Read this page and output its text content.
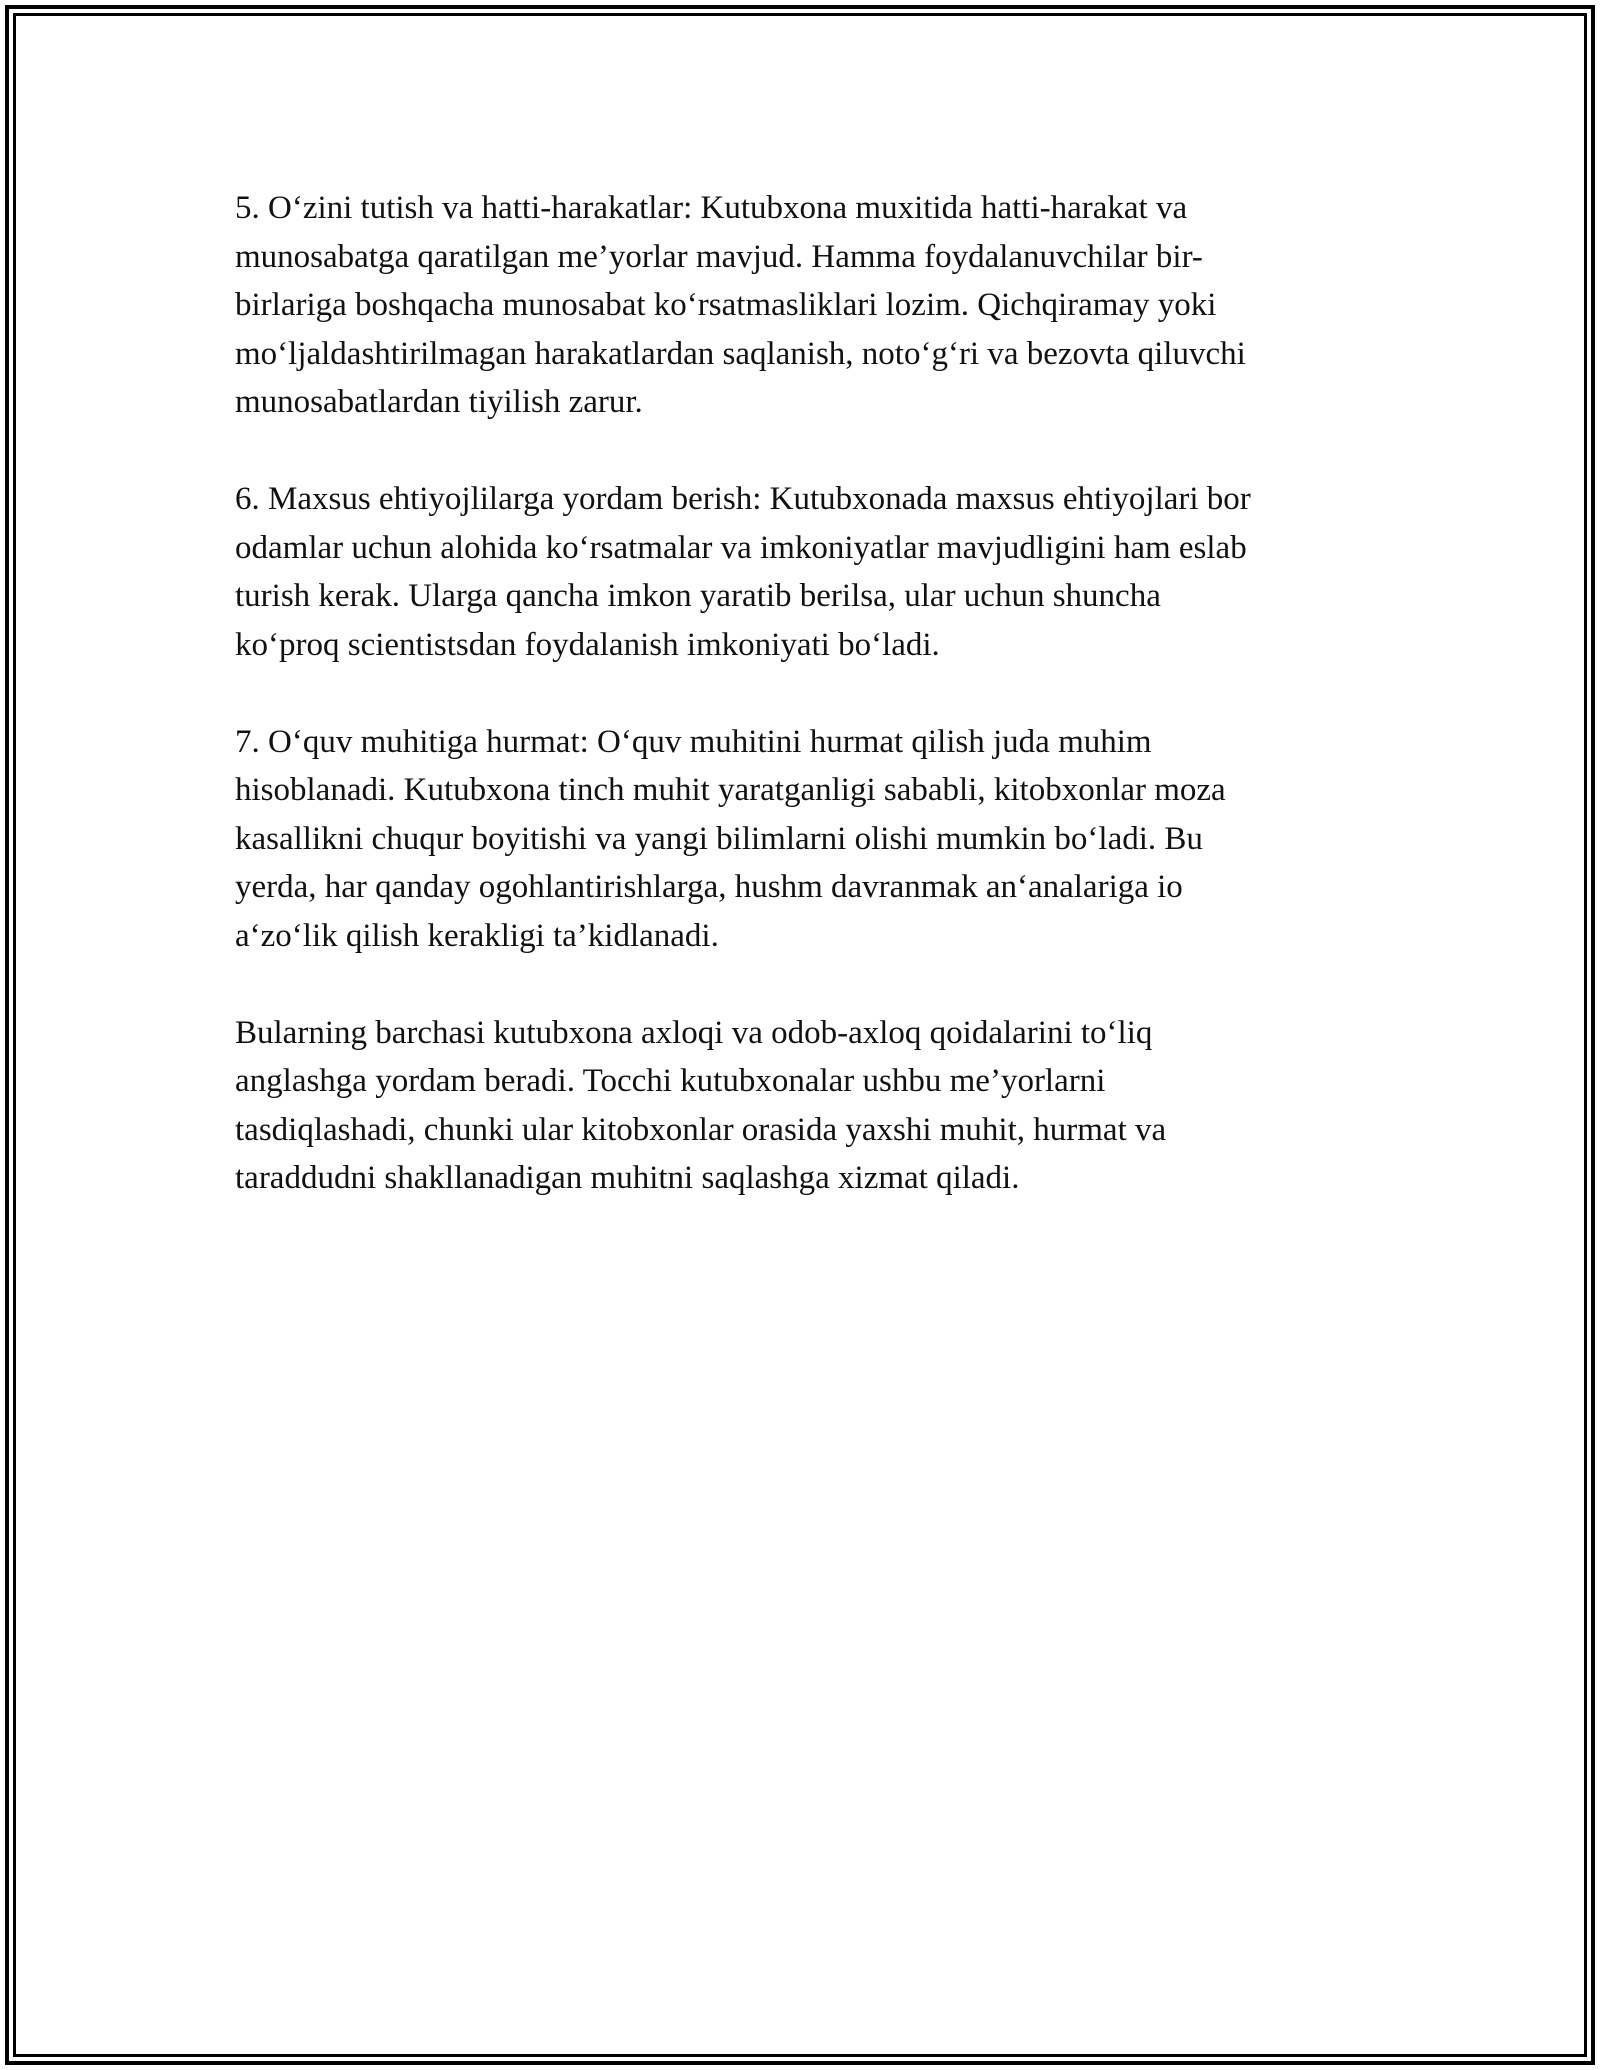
5. O‘zini tutish va hatti-harakatlar: Kutubxona muxitida hatti-harakat va
munosabatga qaratilgan me’yorlar mavjud. Hamma foydalanuvchilar bir-
birlariga boshqacha munosabat ko‘rsatmasliklari lozim. Qichqiramay yoki
mo‘ljaldashtirilmagan harakatlardan saqlanish, noto‘g‘ri va bezovta qiluvchi
munosabatlardan tiyilish zarur.

6. Maxsus ehtiyojlilarga yordam berish: Kutubxonada maxsus ehtiyojlari bor
odamlar uchun alohida ko‘rsatmalar va imkoniyatlar mavjudligini ham eslab
turish kerak. Ularga qancha imkon yaratib berilsa, ular uchun shuncha
ko‘proq scientistsdan foydalanish imkoniyati bo‘ladi.

7. O‘quv muhitiga hurmat: O‘quv muhitini hurmat qilish juda muhim
hisoblanadi. Kutubxona tinch muhit yaratganligi sababli, kitobxonlar moza
kasallikni chuqur boyitishi va yangi bilimlarni olishi mumkin bo‘ladi. Bu
yerda, har qanday ogohlantirishlarga, hushm davranmak an‘analariga io
a‘zo‘lik qilish kerakligi ta’kidlanadi.

Bularning barchasi kutubxona axloqi va odob-axloq qoidalarini to‘liq
anglashga yordam beradi. Tocchi kutubxonalar ushbu me’yorlarni
tasdiqlashadi, chunki ular kitobxonlar orasida yaxshi muhit, hurmat va
taraddudni shakllanadigan muhitni saqlashga xizmat qiladi.
